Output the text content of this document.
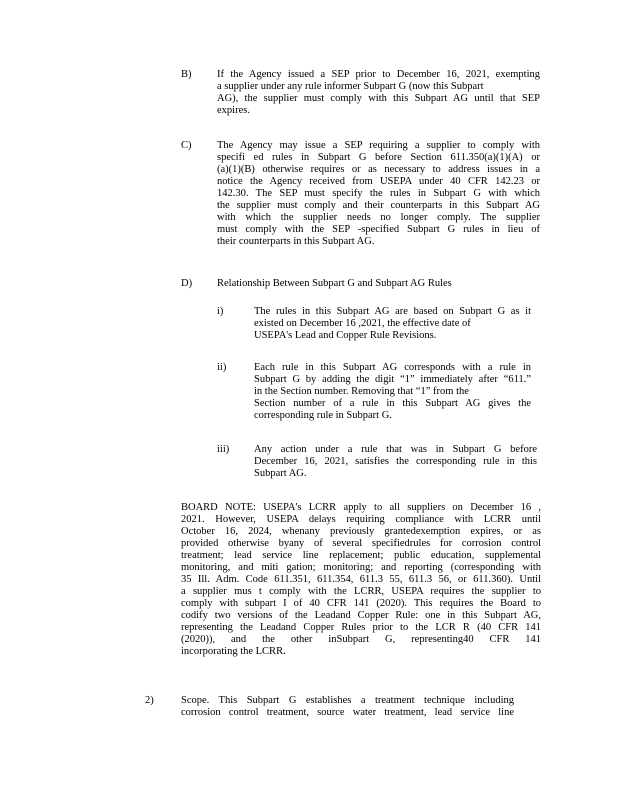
B) If the Agency issued a SEP prior to December 16, 2021, exempting
a supplier under any rule informer Subpart G (now this Subpart
AG), the supplier must comply with this Subpart AG until that SEP
expires.
C) The Agency may issue a SEP requiring a supplier to comply with
specifi ed rules in Subpart G before Section 611.350(a)(1)(A) or
(a)(1)(B) otherwise requires or as necessary to address issues in a
notice the Agency received from USEPA under 40 CFR 142.23 or
142.30. The SEP must specify the rules in Subpart G with which
the supplier must comply and their counterparts in this Subpart AG
with which the supplier needs no longer comply. The supplier
must comply with the SEP -specified Subpart G rules in lieu of
their counterparts in this Subpart AG.
D) Relationship Between Subpart G and Subpart AG Rules
i)	The rules in this Subpart AG are based on Subpart G as it
existed on December 16 ,2021, the effective date of
USEPA's Lead and Copper Rule Revisions.
ii)	Each rule in this Subpart AG corresponds with a rule in
Subpart G by adding the digit “1” immediately after “611.”
in the Section number. Removing that “1” from the
Section number of a rule in this Subpart AG gives the
corresponding rule in Subpart G.
iii) Any action under a rule that was in Subpart G before
December 16, 2021, satisfies the corresponding rule in this
Subpart AG.
BOARD NOTE: USEPA's LCRR apply to all suppliers on December 16 ,
2021. However, USEPA delays requiring compliance with LCRR until
October 16, 2024, whenany previously grantedexemption expires, or as
provided otherwise byany of several specifiedrules for corrosion control
treatment; lead service line replacement; public education, supplemental
monitoring, and miti gation; monitoring; and reporting (corresponding with
35 Ill. Adm. Code 611.351, 611.354, 611.3 55, 611.3 56, or 611.360). Until
a supplier mus t comply with the LCRR, USEPA requires the supplier to
comply with subpart I of 40 CFR 141 (2020). This requires the Board to
codify two versions of the Leadand Copper Rule: one in this Subpart AG,
representing the Leadand Copper Rules prior to the LCR R (40 CFR 141
(2020)), and the other inSubpart G, representing40 CFR 141
incorporating the LCRR.
2)	Scope. This Subpart G establishes a treatment technique including
corrosion control treatment, source water treatment, lead service line
